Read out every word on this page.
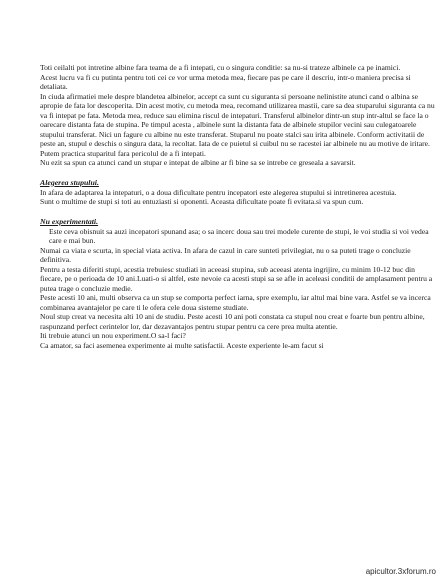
Toti ceilalti pot intretine albine fara teama de a fi intepati, cu o singura conditie: sa nu-si trateze albinele ca pe inamici.

Acest lucru va fi cu putinta pentru toti cei ce vor urma metoda mea, fiecare pas pe care il descriu, intr-o maniera precisa si detaliata.

In ciuda afirmatiei mele despre blandetea albinelor, accept ca sunt cu siguranta si persoane nelinistite atunci cand o albina se apropie de fata lor descoperita. Din acest motiv, cu metoda mea, recomand utilizarea mastii, care sa dea stuparului siguranta ca nu va fi intepat pe fata. Metoda mea, reduce sau elimina riscul de intepaturi. Transferul albinelor dintr-un stup intr-altul se face la o oarecare distanta fata de stupina. Pe timpul acesta , albinele sunt la distanta fata de albinele stupilor vecini sau culegatoarele stupului transferat. Nici un fagure cu albine nu este transferat. Stuparul nu poate stalci sau irita albinele. Conform activitatii de peste an, stupul e deschis o singura data, la recoltat. Iata de ce puietul si cuibul nu se racestei iar albinele nu au motive de iritare. Putem practica stuparitul fara pericolul de a fi intepati.

Nu ezit sa spun ca atunci cand un stupar e intepat de albine ar fi bine sa se intrebe ce greseala a savarsit.

Alegerea stupului.

In afara de adaptarea la intepaturi, o a doua dificultate pentru incepatori este alegerea stupului si intretinerea acestuia.

Sunt o multime de stupi si toti au entuziasti si oponenti. Aceasta dificultate poate fi evitata.si va spun cum.

Nu experimentati.

Este ceva obisnuit sa auzi incepatori spunand asa; o sa incerc doua sau trei modele curente de stupi, le voi studia si voi vedea care e mai bun.

Numai ca viata e scurta, in special viata activa. In afara de cazul in care sunteti privilegiat, nu o sa puteti trage o concluzie definitiva.

Pentru a testa diferiti stupi, acestia trebuiesc studiati in aceeasi stupina, sub aceeasi atenta ingrijire, cu minim 10-12 buc din fiecare, pe o perioada de 10 ani.Luati-o si altfel, este nevoie ca acesti stupi sa se afle in aceleasi conditii de amplasament pentru a putea trage o concluzie medie.

Peste acesti 10 ani, multi observa ca un stup se comporta perfect iarna, spre exemplu, iar altul mai bine vara. Astfel se va incerca combinarea avantajelor pe care ti le ofera cele doua sisteme studiate.

Noul stup creat va necesita alti 10 ani de studiu. Peste acesti 10 ani poti constata ca stupul nou creat e foarte bun pentru albine, raspunzand perfect cerintelor lor, dar dezavantajos pentru stupar pentru ca cere prea multa atentie.

Iti trebuie atunci un nou experiment.O sa-l faci?

Ca amator, sa faci asemenea experimente ai multe satisfactii. Aceste experiente le-am facut si

apicultor.3xforum.ro
